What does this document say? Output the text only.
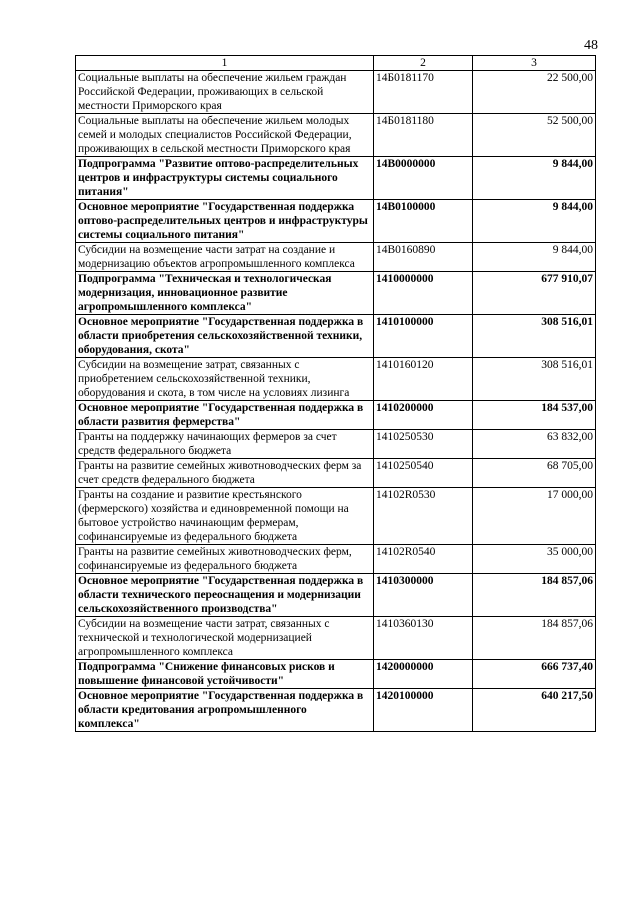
48
1	2	3
Социальные выплаты на обеспечение жильем граждан Российской Федерации, проживающих в сельской местности Приморского края	14Б0181170	22 500,00
Социальные выплаты на обеспечение жильем молодых семей и молодых специалистов Российской Федерации, проживающих в сельской местности Приморского края	14Б0181180	52 500,00
Подпрограмма "Развитие оптово-распределительных центров и инфраструктуры системы социального питания"	14В0000000	9 844,00
Основное мероприятие "Государственная поддержка оптово-распределительных центров и инфраструктуры системы социального питания"	14В0100000	9 844,00
Субсидии на возмещение части затрат на создание и модернизацию объектов агропромышленного комплекса	14В0160890	9 844,00
Подпрограмма "Техническая и технологическая модернизация, инновационное развитие агропромышленного комплекса"	1410000000	677 910,07
Основное мероприятие "Государственная поддержка в области приобретения сельскохозяйственной техники, оборудования, скота"	1410100000	308 516,01
Субсидии на возмещение затрат, связанных с приобретением сельскохозяйственной техники, оборудования и скота, в том числе на условиях лизинга	1410160120	308 516,01
Основное мероприятие "Государственная поддержка в области развития фермерства"	1410200000	184 537,00
Гранты на поддержку начинающих фермеров за счет средств федерального бюджета	1410250530	63 832,00
Гранты на развитие семейных животноводческих ферм за счет средств федерального бюджета	1410250540	68 705,00
Гранты на создание и развитие крестьянского (фермерского) хозяйства и единовременной помощи на бытовое устройство начинающим фермерам, софинансируемые из федерального бюджета	14102R0530	17 000,00
Гранты на развитие семейных животноводческих ферм, софинансируемые из федерального бюджета	14102R0540	35 000,00
Основное мероприятие "Государственная поддержка в области технического переоснащения и модернизации сельскохозяйственного производства"	1410300000	184 857,06
Субсидии на возмещение части затрат, связанных с технической и технологической модернизацией агропромышленного комплекса	1410360130	184 857,06
Подпрограмма "Снижение финансовых рисков и повышение финансовой устойчивости"	1420000000	666 737,40
Основное мероприятие "Государственная поддержка в области кредитования агропромышленного комплекса"	1420100000	640 217,50
